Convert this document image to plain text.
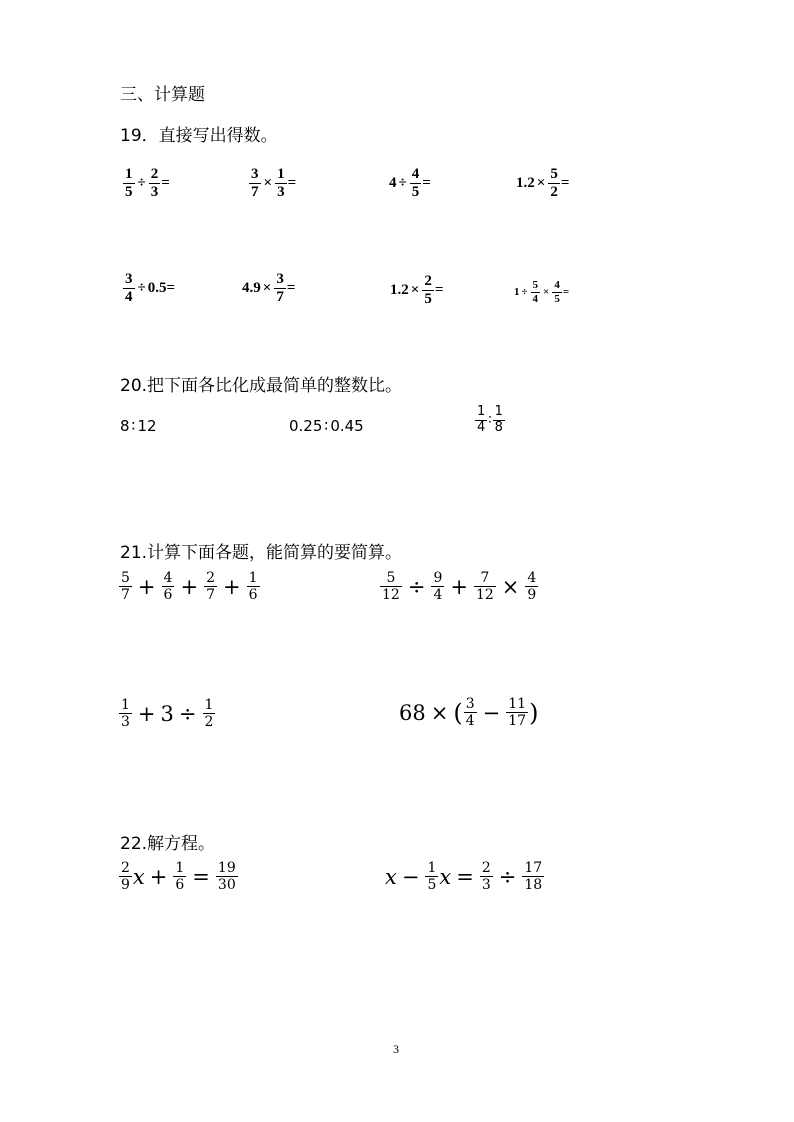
三、计算题
19．直接写出得数。
$\frac{1}{5} \div \frac{2}{3}$ =	$\frac{3}{7} \times \frac{1}{3}$ =	$4 \div \frac{4}{5}$ =	$1.2 \times \frac{5}{2}$ =
$\frac{3}{4} \div 0.5$ =	$4.9 \times \frac{3}{7}$ =	$1.2 \times \frac{2}{5}$ =	$1 \div \frac{5}{4} \times \frac{4}{5}$ =
20.把下面各比化成最简单的整数比。
8 ∶ 12	0.25 ∶ 0.45	$\frac{1}{4}$ ∶ $\frac{1}{8}$
21.计算下面各题，能简算的要简算。
$\frac{5}{7} + \frac{4}{6} + \frac{2}{7} + \frac{1}{6}$	$\frac{5}{12} \div \frac{9}{4} + \frac{7}{12} \times \frac{4}{9}$
$\frac{1}{3} + 3 \div \frac{1}{2}$	68 × ( $\frac{3}{4} - \frac{11}{17}$ )
22.解方程。
$\frac{2}{9}$ $x + \frac{1}{6} = \frac{19}{30}$	$x - \frac{1}{5}$ $x = \frac{2}{3} \div \frac{17}{18}$
3
